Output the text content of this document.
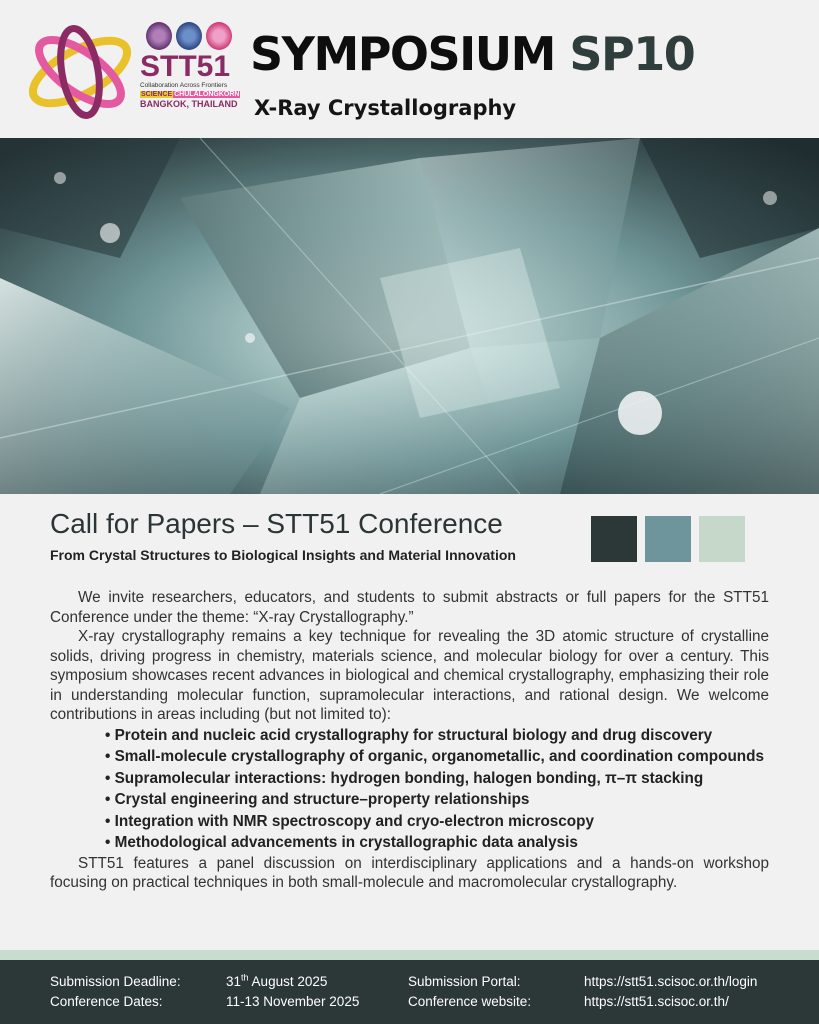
STT51
Collaboration Across Frontiers
SCIENCE CHULALONGKORN
BANGKOK, THAILAND
SYMPOSIUM SP10
X-Ray Crystallography
Call for Papers – STT51 Conference
From Crystal Structures to Biological Insights and Material Innovation

We invite researchers, educators, and students to submit abstracts or full papers for the STT51 Conference under the theme: “X-ray Crystallography.”

X-ray crystallography remains a key technique for revealing the 3D atomic structure of crystalline solids, driving progress in chemistry, materials science, and molecular biology for over a century. This symposium showcases recent advances in biological and chemical crystallography, emphasizing their role in understanding molecular function, supramolecular interactions, and rational design. We welcome contributions in areas including (but not limited to):

• Protein and nucleic acid crystallography for structural biology and drug discovery
• Small-molecule crystallography of organic, organometallic, and coordination compounds
• Supramolecular interactions: hydrogen bonding, halogen bonding, π–π stacking
• Crystal engineering and structure–property relationships
• Integration with NMR spectroscopy and cryo-electron microscopy
• Methodological advancements in crystallographic data analysis

STT51 features a panel discussion on interdisciplinary applications and a hands-on workshop focusing on practical techniques in both small-molecule and macromolecular crystallography.

Submission Deadline:	31th August 2025	Submission Portal:	https://stt51.scisoc.or.th/login
Conference Dates:	11-13 November 2025	Conference website:	https://stt51.scisoc.or.th/
